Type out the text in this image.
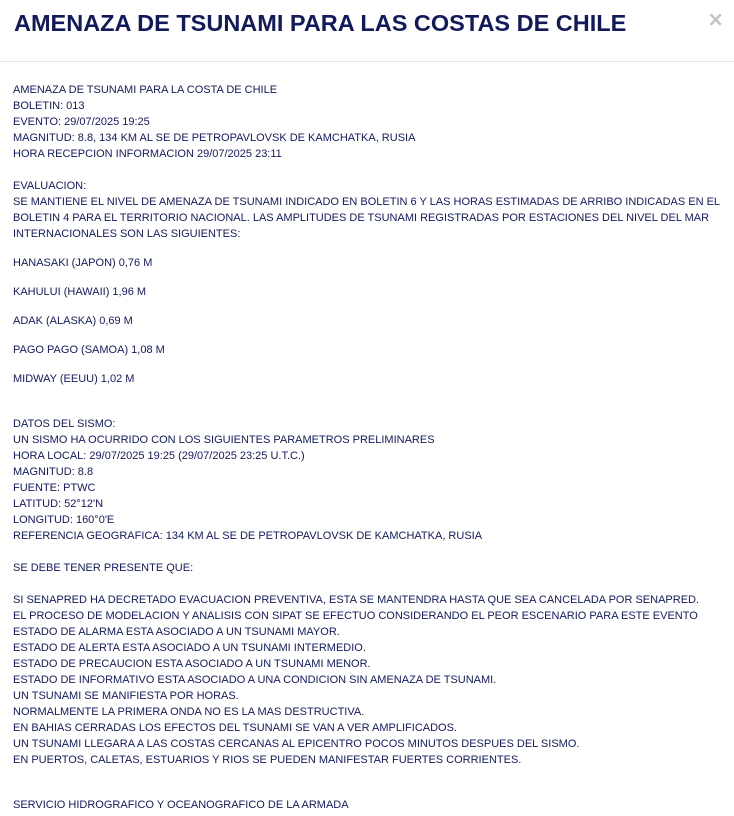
AMENAZA DE TSUNAMI PARA LAS COSTAS DE CHILE	×
AMENAZA DE TSUNAMI PARA LA COSTA DE CHILE
BOLETIN: 013
EVENTO: 29/07/2025 19:25
MAGNITUD: 8.8, 134 KM AL SE DE PETROPAVLOVSK DE KAMCHATKA, RUSIA
HORA RECEPCION INFORMACION 29/07/2025 23:11
EVALUACION:
SE MANTIENE EL NIVEL DE AMENAZA DE TSUNAMI INDICADO EN BOLETIN 6 Y LAS HORAS ESTIMADAS DE ARRIBO INDICADAS EN EL BOLETIN 4 PARA EL TERRITORIO NACIONAL. LAS AMPLITUDES DE TSUNAMI REGISTRADAS POR ESTACIONES DEL NIVEL DEL MAR INTERNACIONALES SON LAS SIGUIENTES:
HANASAKI (JAPON) 0,76 M
KAHULUI (HAWAII) 1,96 M
ADAK (ALASKA) 0,69 M
PAGO PAGO (SAMOA) 1,08 M
MIDWAY (EEUU) 1,02 M
DATOS DEL SISMO:
UN SISMO HA OCURRIDO CON LOS SIGUIENTES PARAMETROS PRELIMINARES
HORA LOCAL: 29/07/2025 19:25 (29/07/2025 23:25 U.T.C.)
MAGNITUD: 8.8
FUENTE: PTWC
LATITUD: 52°12'N
LONGITUD: 160°0'E
REFERENCIA GEOGRAFICA: 134 KM AL SE DE PETROPAVLOVSK DE KAMCHATKA, RUSIA
SE DEBE TENER PRESENTE QUE:
SI SENAPRED HA DECRETADO EVACUACION PREVENTIVA, ESTA SE MANTENDRA HASTA QUE SEA CANCELADA POR SENAPRED.
EL PROCESO DE MODELACION Y ANALISIS CON SIPAT SE EFECTUO CONSIDERANDO EL PEOR ESCENARIO PARA ESTE EVENTO
ESTADO DE ALARMA ESTA ASOCIADO A UN TSUNAMI MAYOR.
ESTADO DE ALERTA ESTA ASOCIADO A UN TSUNAMI INTERMEDIO.
ESTADO DE PRECAUCION ESTA ASOCIADO A UN TSUNAMI MENOR.
ESTADO DE INFORMATIVO ESTA ASOCIADO A UNA CONDICION SIN AMENAZA DE TSUNAMI.
UN TSUNAMI SE MANIFIESTA POR HORAS.
NORMALMENTE LA PRIMERA ONDA NO ES LA MAS DESTRUCTIVA.
EN BAHIAS CERRADAS LOS EFECTOS DEL TSUNAMI SE VAN A VER AMPLIFICADOS.
UN TSUNAMI LLEGARA A LAS COSTAS CERCANAS AL EPICENTRO POCOS MINUTOS DESPUES DEL SISMO.
EN PUERTOS, CALETAS, ESTUARIOS Y RIOS SE PUEDEN MANIFESTAR FUERTES CORRIENTES.
SERVICIO HIDROGRAFICO Y OCEANOGRAFICO DE LA ARMADA
